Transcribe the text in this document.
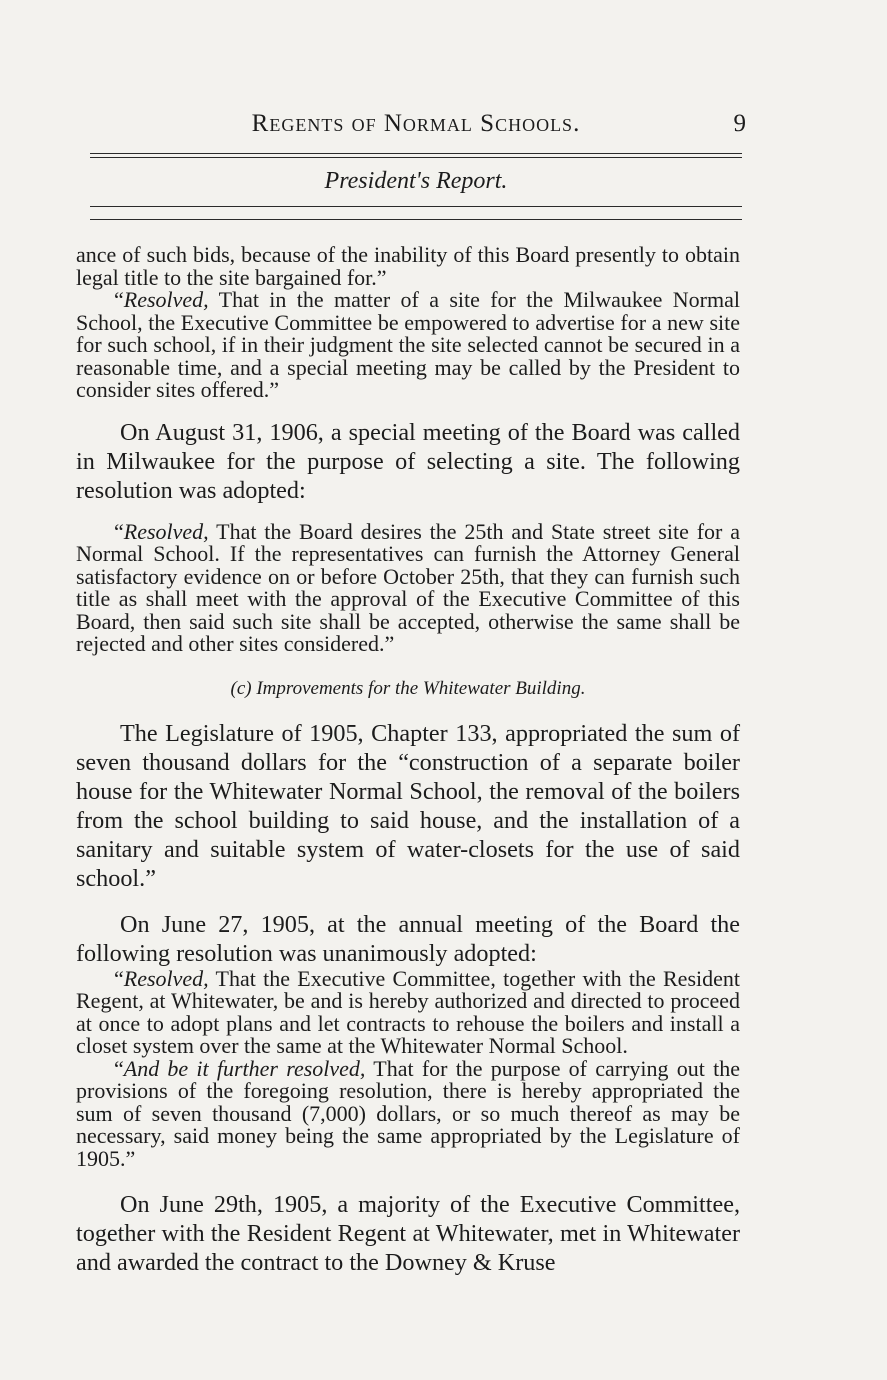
Regents of Normal Schools.	9
President's Report.

ance of such bids, because of the inability of this Board presently to obtain legal title to the site bargained for.”

“Resolved, That in the matter of a site for the Milwaukee Normal School, the Executive Committee be empowered to advertise for a new site for such school, if in their judgment the site selected cannot be secured in a reasonable time, and a special meeting may be called by the President to consider sites offered.”

On August 31, 1906, a special meeting of the Board was called in Milwaukee for the purpose of selecting a site. The following resolution was adopted:

“Resolved, That the Board desires the 25th and State street site for a Normal School. If the representatives can furnish the Attorney General satisfactory evidence on or before October 25th, that they can furnish such title as shall meet with the approval of the Executive Committee of this Board, then said such site shall be accepted, otherwise the same shall be rejected and other sites considered.”

(c) Improvements for the Whitewater Building.

The Legislature of 1905, Chapter 133, appropriated the sum of seven thousand dollars for the “construction of a separate boiler house for the Whitewater Normal School, the removal of the boilers from the school building to said house, and the installation of a sanitary and suitable system of water-closets for the use of said school.”

On June 27, 1905, at the annual meeting of the Board the following resolution was unanimously adopted:

“Resolved, That the Executive Committee, together with the Resident Regent, at Whitewater, be and is hereby authorized and directed to proceed at once to adopt plans and let contracts to rehouse the boilers and install a closet system over the same at the Whitewater Normal School.

“And be it further resolved, That for the purpose of carrying out the provisions of the foregoing resolution, there is hereby appropriated the sum of seven thousand (7,000) dollars, or so much thereof as may be necessary, said money being the same appropriated by the Legislature of 1905.”

On June 29th, 1905, a majority of the Executive Committee, together with the Resident Regent at Whitewater, met in Whitewater and awarded the contract to the Downey & Kruse
